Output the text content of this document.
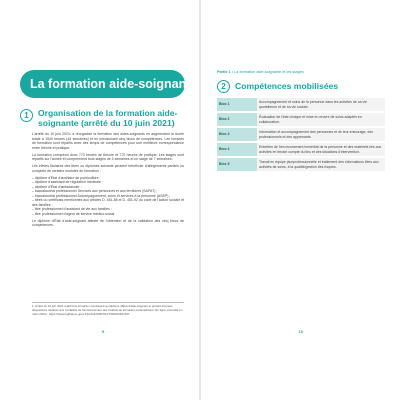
La formation aide-soignante
1	Organisation de la formation aide-soignante (arrêté du 10 juin 2021)

L'arrêté du 10 juin 2021¹ a réorganisé la formation des aides-soignants en augmentant la durée totale à 1540 heures (44 semaines) et en introduisant cinq blocs de compétences. Les horaires de formation sont répartis avec des temps de compétences pour une meilleure correspondance entre théorie et pratique.

La formation comprend donc 770 heures de théorie et 770 heures de pratique. Les stages sont répartis sur l'année et comprennent trois stages de 5 semaines et un stage de 7 semaines.

Les élèves titulaires des titres ou diplômes suivants peuvent bénéficier d'allègements partiels ou complets de certains modules de formation :

– diplôme d'État d'auxiliaire de puériculture ;
– diplôme d'assistant de régulation médicale ;
– diplôme d'État d'ambulancier ;
– baccalauréat professionnel Services aux personnes et aux territoires (SAPAT) ;
– baccalauréat professionnel Accompagnement, soins et services à la personne (ASSP) ;
– titres ou certificats mentionnés aux articles D. 451-88 et D. 451-92 du code de l'action sociale et des familles ;
– titre professionnel d'assistant de vie aux familles ;
– titre professionnel d'agent de service médico-social.

Le diplôme d'État d'aide-soignant atteste de l'obtention et de la validation des cinq blocs de compétences.

1. Arrêté du 10 juin 2021 relatif à la formation conduisant au diplôme d'État d'aide-soignant et portant diverses dispositions relatives aux modalités de fonctionnement des instituts de formation paramédicaux. En ligne (consulté en mars 2024) : https://www.legifrance.gouv.fr/jorf/id/JORFTEXT000043647297
9
Partie 1 • La formation aide-soignante et les stages
2	Compétences mobilisées
Bloc 1	Accompagnement et soins de la personne dans les activités de sa vie quotidienne et de sa vie sociale.
Bloc 2	Évaluation de l'état clinique et mise en œuvre de soins adaptés en collaboration.
Bloc 3	Information et accompagnement des personnes et de leur entourage, des professionnels et des apprenants.
Bloc 4	Entretien de l'environnement immédiat de la personne et des matériels liés aux activités en tenant compte du lieu et des situations d'intervention.
Bloc 5	Travail en équipe pluriprofessionnelle et traitement des informations liées aux activités de soins, à la qualité/gestion des risques.
10
